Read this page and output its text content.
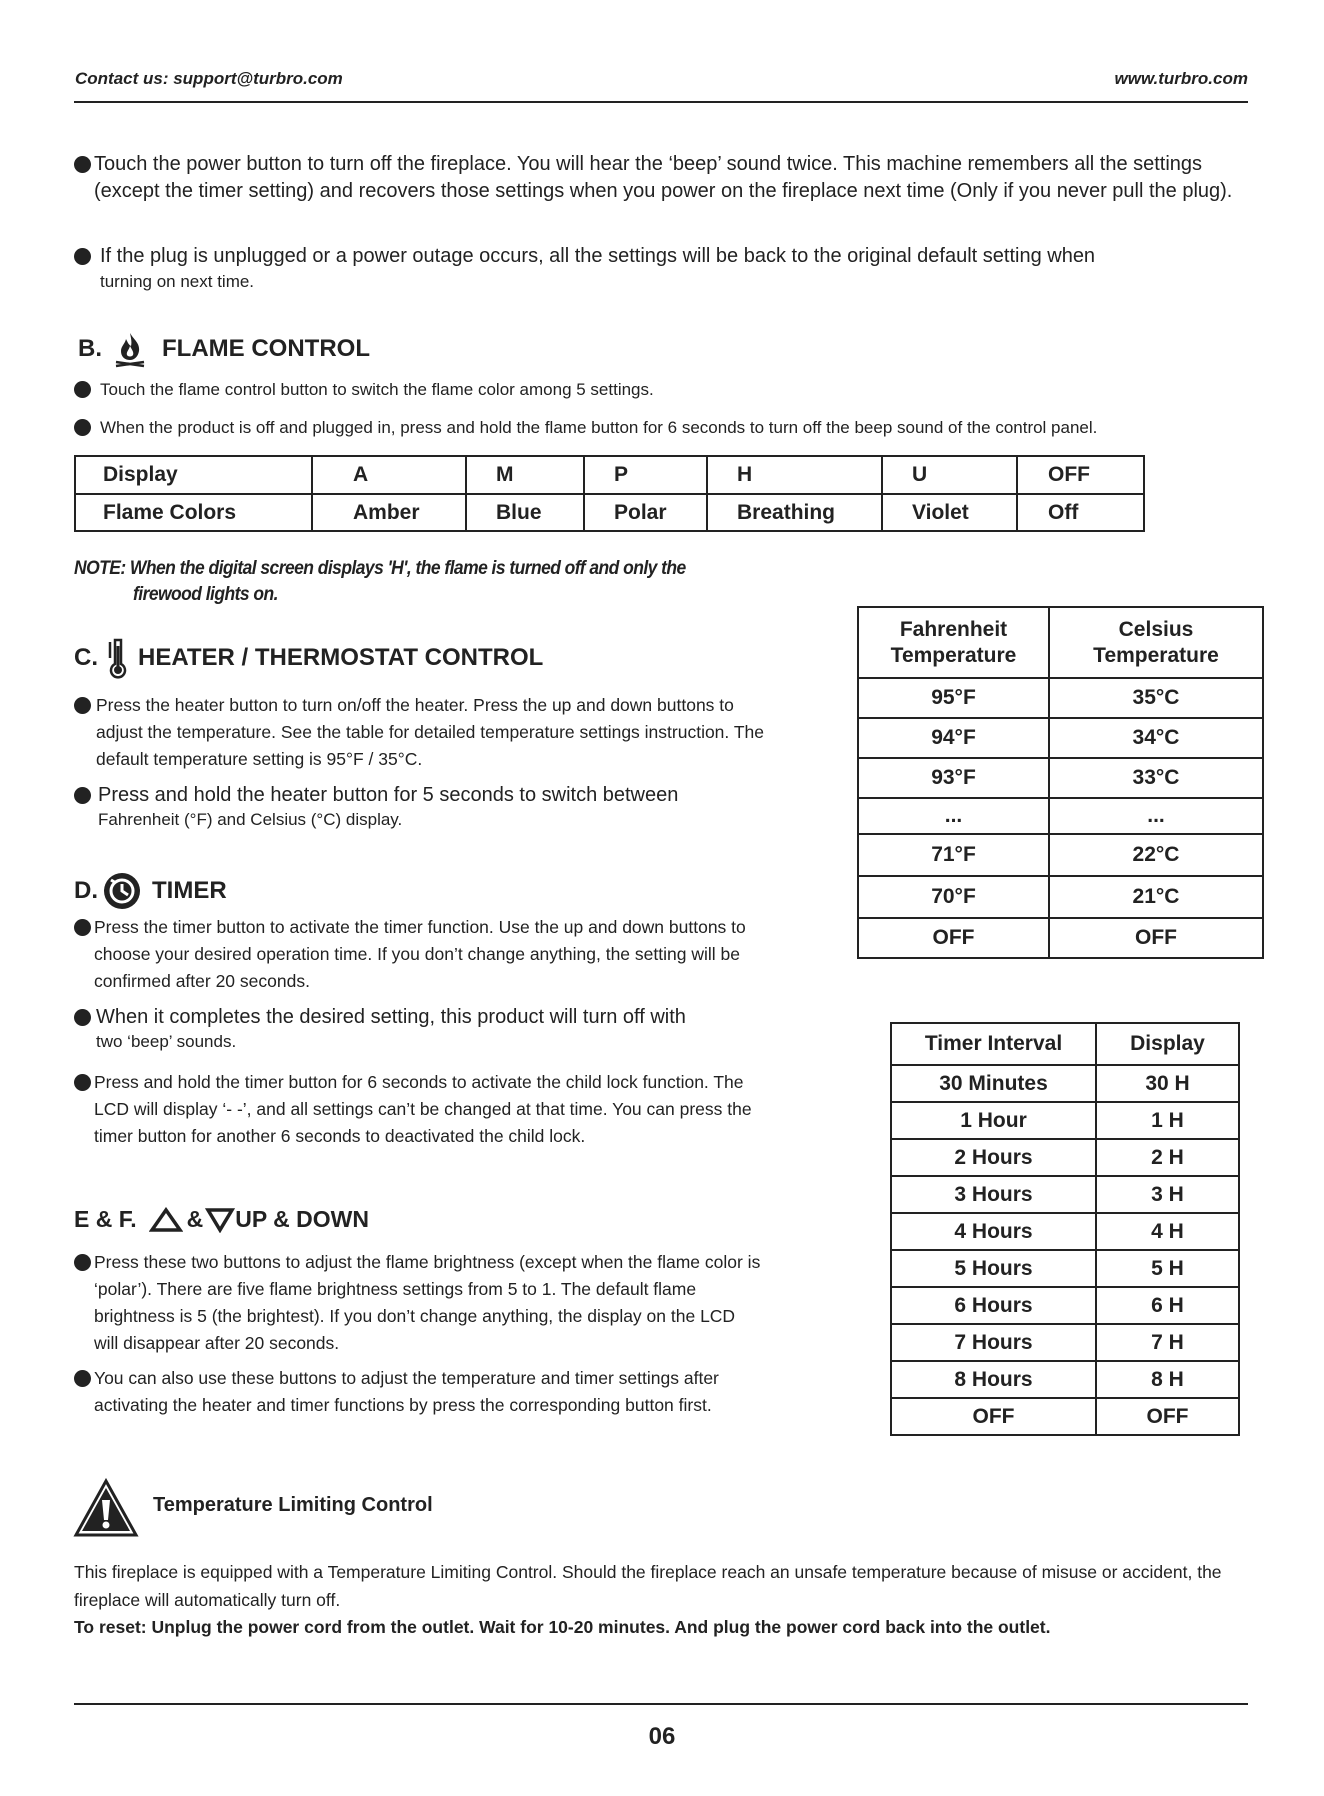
Contact us: support@turbro.com	www.turbro.com
Touch the power button to turn off the fireplace. You will hear the ‘beep’ sound twice. This machine remembers all the settings (except the timer setting) and recovers those settings when you power on the fireplace next time (Only if you never pull the plug).
If the plug is unplugged or a power outage occurs, all the settings will be back to the original default setting when
turning on next time.
B.	FLAME CONTROL
Touch the flame control button to switch the flame color among 5 settings.
When the product is off and plugged in, press and hold the flame button for 6 seconds to turn off the beep sound of the control panel.
Display	A	M	P	H	U	OFF
Flame Colors	Amber	Blue	Polar	Breathing	Violet	Off
NOTE: When the digital screen displays 'H', the flame is turned off and only the
firewood lights on.
C. HEATER / THERMOSTAT CONTROL
Press the heater button to turn on/off the heater. Press the up and down buttons to adjust the temperature. See the table for detailed temperature settings instruction. The default temperature setting is 95°F / 35°C.
Press and hold the heater button for 5 seconds to switch between
Fahrenheit (°F) and Celsius (°C) display.
Fahrenheit Temperature	Celsius Temperature
95°F	35°C
94°F	34°C
93°F	33°C
...	...
71°F	22°C
70°F	21°C
OFF	OFF
D. TIMER
Press the timer button to activate the timer function. Use the up and down buttons to choose your desired operation time. If you don’t change anything, the setting will be confirmed after 20 seconds.
When it completes the desired setting, this product will turn off with
two ‘beep’ sounds.
Press and hold the timer button for 6 seconds to activate the child lock function. The LCD will display ‘- -’, and all settings can’t be changed at that time. You can press the timer button for another 6 seconds to deactivated the child lock.
Timer Interval	Display
30 Minutes	30 H
1 Hour	1 H
2 Hours	2 H
3 Hours	3 H
4 Hours	4 H
5 Hours	5 H
6 Hours	6 H
7 Hours	7 H
8 Hours	8 H
OFF	OFF
E & F. & UP & DOWN
Press these two buttons to adjust the flame brightness (except when the flame color is ‘polar’). There are five flame brightness settings from 5 to 1. The default flame brightness is 5 (the brightest). If you don’t change anything, the display on the LCD will disappear after 20 seconds.
You can also use these buttons to adjust the temperature and timer settings after activating the heater and timer functions by press the corresponding button first.
Temperature Limiting Control
This fireplace is equipped with a Temperature Limiting Control. Should the fireplace reach an unsafe temperature because of misuse or accident, the fireplace will automatically turn off.
To reset: Unplug the power cord from the outlet. Wait for 10-20 minutes. And plug the power cord back into the outlet.
06
